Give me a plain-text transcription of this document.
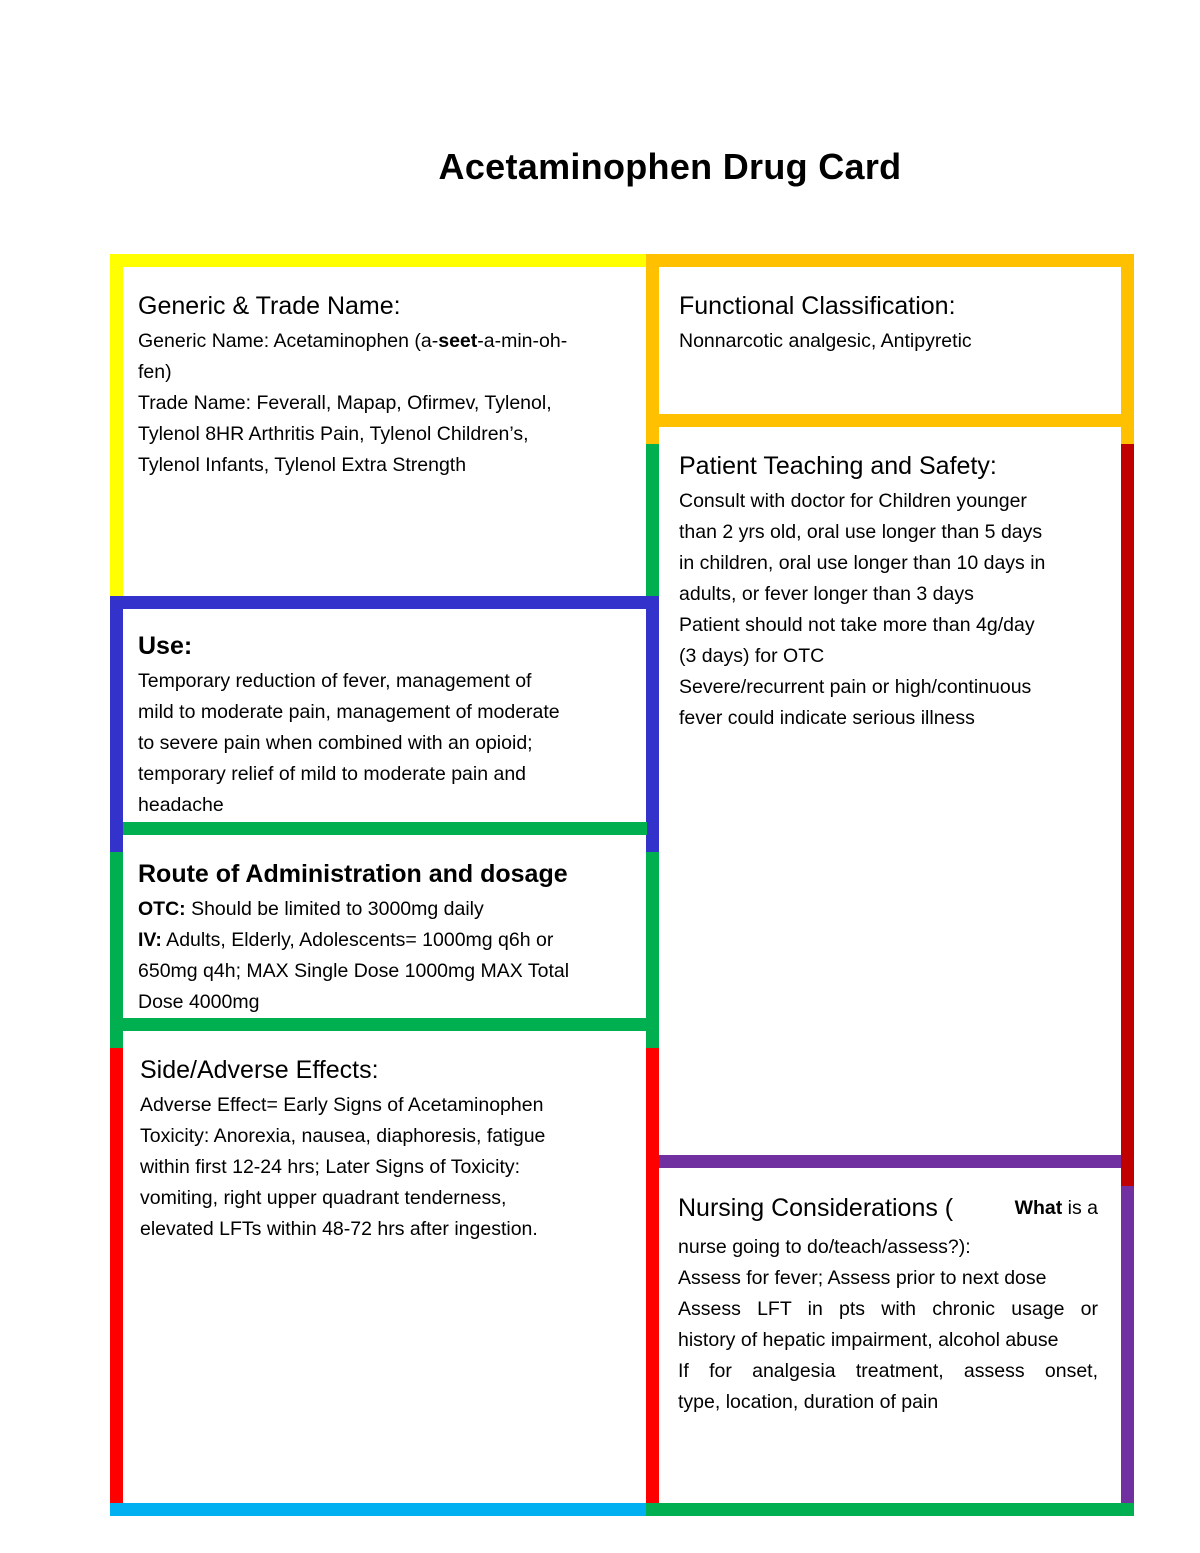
Acetaminophen Drug Card
Generic & Trade Name:
Generic Name: Acetaminophen (a-seet-a-min-oh-
fen)
Trade Name: Feverall, Mapap, Ofirmev, Tylenol,
Tylenol 8HR Arthritis Pain, Tylenol Children’s,
Tylenol Infants, Tylenol Extra Strength
Functional Classification:
Nonnarcotic analgesic, Antipyretic
Use:
Temporary reduction of fever, management of
mild to moderate pain, management of moderate
to severe pain when combined with an opioid;
temporary relief of mild to moderate pain and
headache
Route of Administration and dosage
OTC: Should be limited to 3000mg daily
IV: Adults, Elderly, Adolescents= 1000mg q6h or
650mg q4h; MAX Single Dose 1000mg MAX Total
Dose 4000mg
Side/Adverse Effects:
Adverse Effect= Early Signs of Acetaminophen
Toxicity: Anorexia, nausea, diaphoresis, fatigue
within first 12-24 hrs; Later Signs of Toxicity:
vomiting, right upper quadrant tenderness,
elevated LFTs within 48-72 hrs after ingestion.
Patient Teaching and Safety:
Consult with doctor for Children younger
than 2 yrs old, oral use longer than 5 days
in children, oral use longer than 10 days in
adults, or fever longer than 3 days
Patient should not take more than 4g/day
(3 days) for OTC
Severe/recurrent pain or high/continuous
fever could indicate serious illness
Nursing Considerations (	What is a
nurse going to do/teach/assess?):
Assess for fever; Assess prior to next dose
Assess LFT in pts with chronic usage or
history of hepatic impairment, alcohol abuse
If for analgesia treatment, assess onset,
type, location, duration of pain
